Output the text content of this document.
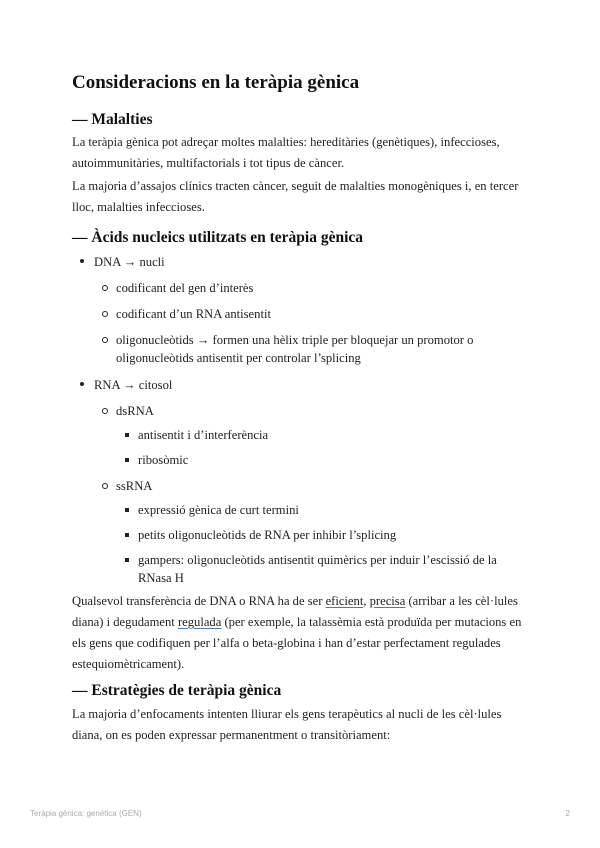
Consideracions en la teràpia gènica
— Malalties

La teràpia gènica pot adreçar moltes malalties: hereditàries (genètiques), infeccioses, autoimmunitàries, multifactorials i tot tipus de càncer.

La majoria d’assajos clínics tracten càncer, seguit de malalties monogèniques i, en tercer lloc, malalties infeccioses.

— Àcids nucleics utilitzats en teràpia gènica
DNA → nucli
codificant del gen d’interès
codificant d’un RNA antisentit
oligonucleòtids → formen una hèlix triple per bloquejar un promotor o oligonucleòtids antisentit per controlar l’splicing
RNA → citosol
dsRNA
antisentit i d’interferència
ribosòmic
ssRNA
expressió gènica de curt termini
petits oligonucleòtids de RNA per inhibir l’splicing
gampers: oligonucleòtids antisentit quimèrics per induir l’escissió de la RNasa H

Qualsevol transferència de DNA o RNA ha de ser eficient, precisa (arribar a les cèl·lules diana) i degudament regulada (per exemple, la talassèmia està produïda per mutacions en els gens que codifiquen per l’alfa o beta-globina i han d’estar perfectament regulades estequiomètricament).

— Estratègies de teràpia gènica

La majoria d’enfocaments intenten lliurar els gens terapèutics al nucli de les cèl·lules diana, on es poden expressar permanentment o transitòriament:

Teràpia gènica: genètica (GEN)	2
